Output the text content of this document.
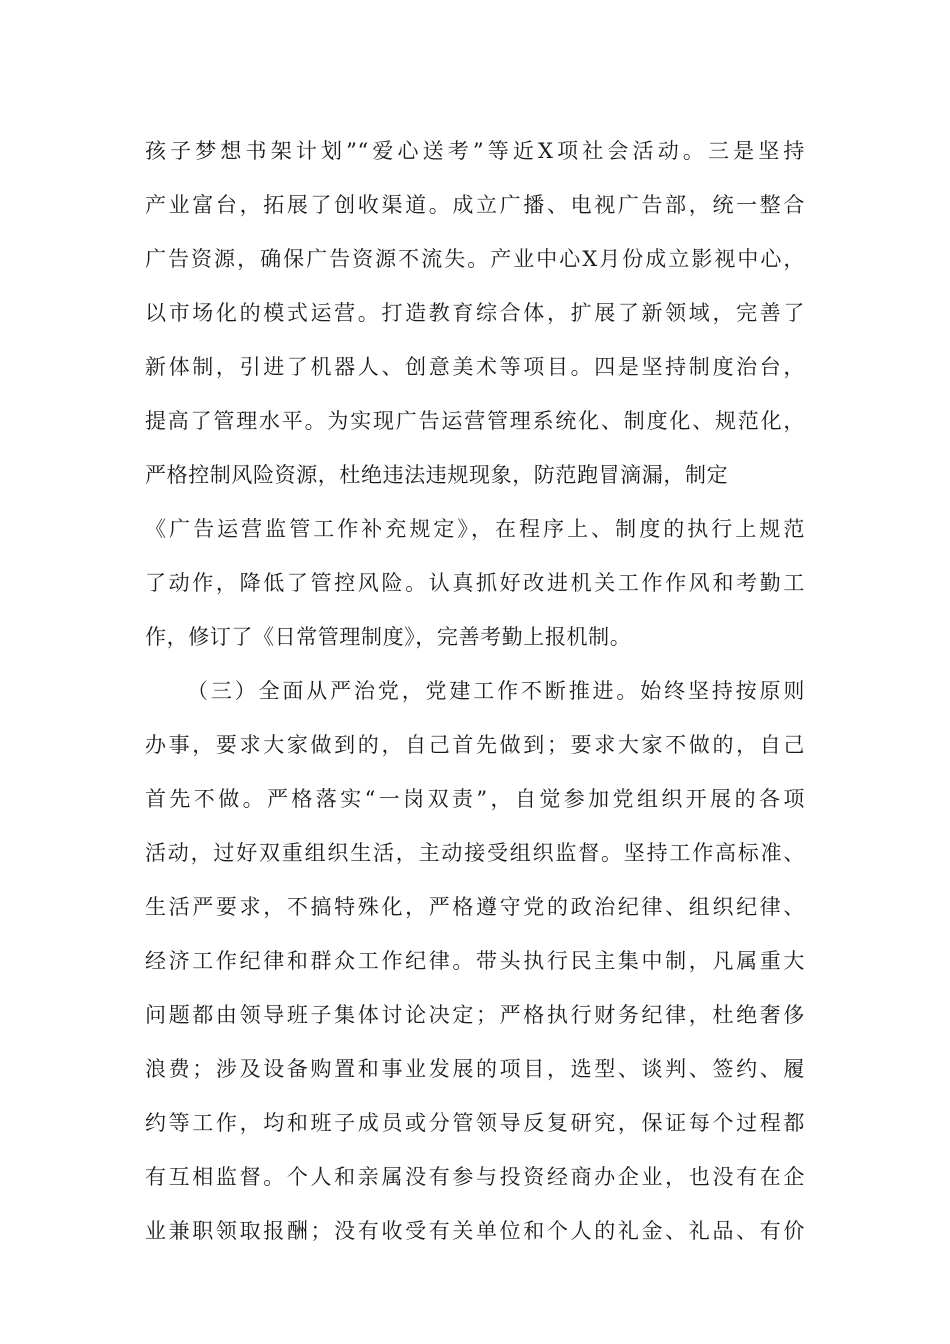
孩子梦想书架计划”“爱心送考”等近X项社会活动。三是坚持
产业富台，拓展了创收渠道。成立广播、电视广告部，统一整合
广告资源，确保广告资源不流失。产业中心X月份成立影视中心，
以市场化的模式运营。打造教育综合体，扩展了新领域，完善了
新体制，引进了机器人、创意美术等项目。四是坚持制度治台，
提高了管理水平。为实现广告运营管理系统化、制度化、规范化，
严格控制风险资源，杜绝违法违规现象，防范跑冒滴漏，制定
《广告运营监管工作补充规定》，在程序上、制度的执行上规范
了动作，降低了管控风险。认真抓好改进机关工作作风和考勤工
作，修订了《日常管理制度》，完善考勤上报机制。
（三）全面从严治党，党建工作不断推进。始终坚持按原则
办事，要求大家做到的，自己首先做到；要求大家不做的，自己
首先不做。严格落实“一岗双责”，自觉参加党组织开展的各项
活动，过好双重组织生活，主动接受组织监督。坚持工作高标准、
生活严要求，不搞特殊化，严格遵守党的政治纪律、组织纪律、
经济工作纪律和群众工作纪律。带头执行民主集中制，凡属重大
问题都由领导班子集体讨论决定；严格执行财务纪律，杜绝奢侈
浪费；涉及设备购置和事业发展的项目，选型、谈判、签约、履
约等工作，均和班子成员或分管领导反复研究，保证每个过程都
有互相监督。个人和亲属没有参与投资经商办企业，也没有在企
业兼职领取报酬；没有收受有关单位和个人的礼金、礼品、有价
